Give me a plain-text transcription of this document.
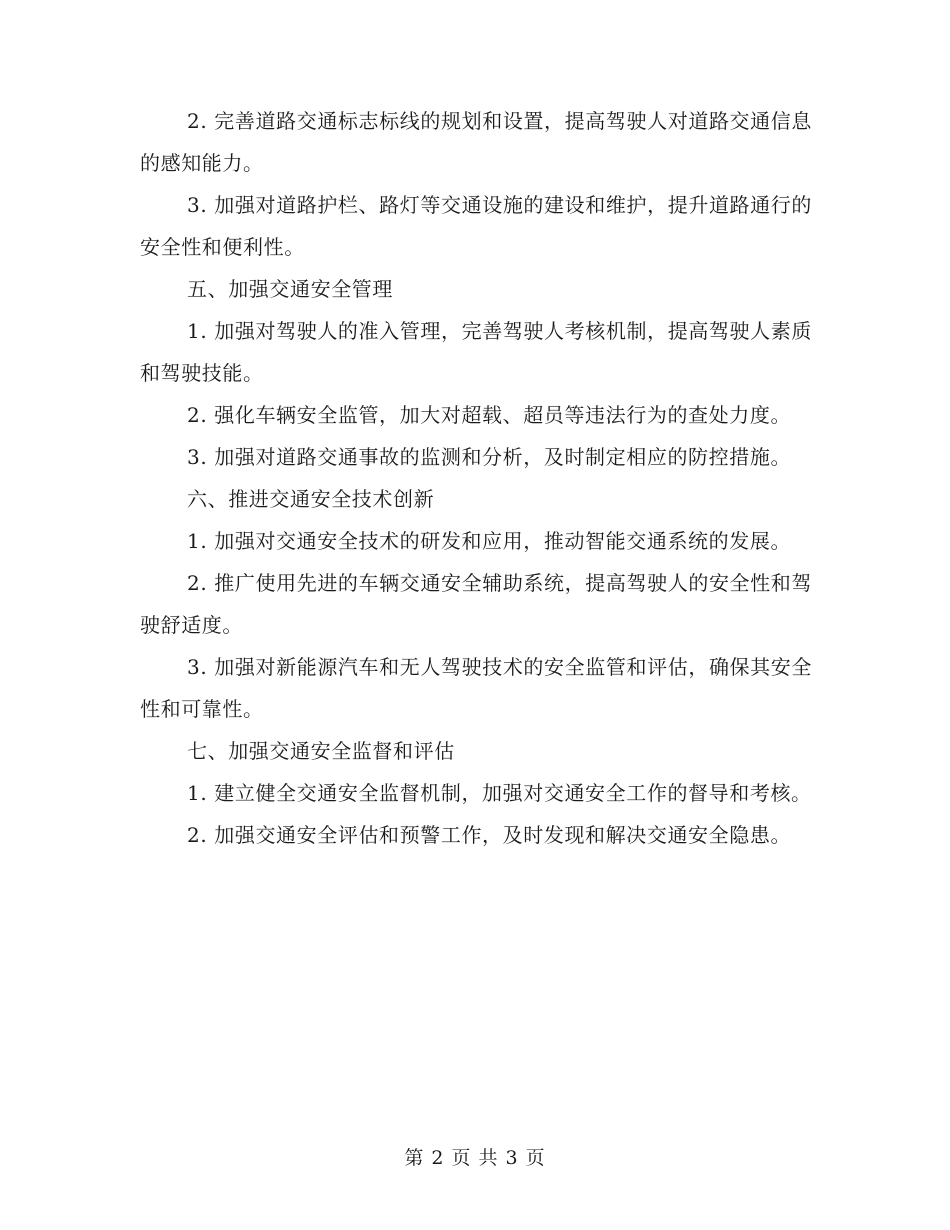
2. 完善道路交通标志标线的规划和设置，提高驾驶人对道路交通信息的感知能力。

3. 加强对道路护栏、路灯等交通设施的建设和维护，提升道路通行的安全性和便利性。

五、加强交通安全管理

1. 加强对驾驶人的准入管理，完善驾驶人考核机制，提高驾驶人素质和驾驶技能。

2. 强化车辆安全监管，加大对超载、超员等违法行为的查处力度。

3. 加强对道路交通事故的监测和分析，及时制定相应的防控措施。

六、推进交通安全技术创新

1. 加强对交通安全技术的研发和应用，推动智能交通系统的发展。

2. 推广使用先进的车辆交通安全辅助系统，提高驾驶人的安全性和驾驶舒适度。

3. 加强对新能源汽车和无人驾驶技术的安全监管和评估，确保其安全性和可靠性。

七、加强交通安全监督和评估

1. 建立健全交通安全监督机制，加强对交通安全工作的督导和考核。

2. 加强交通安全评估和预警工作，及时发现和解决交通安全隐患。

第 2 页 共 3 页
